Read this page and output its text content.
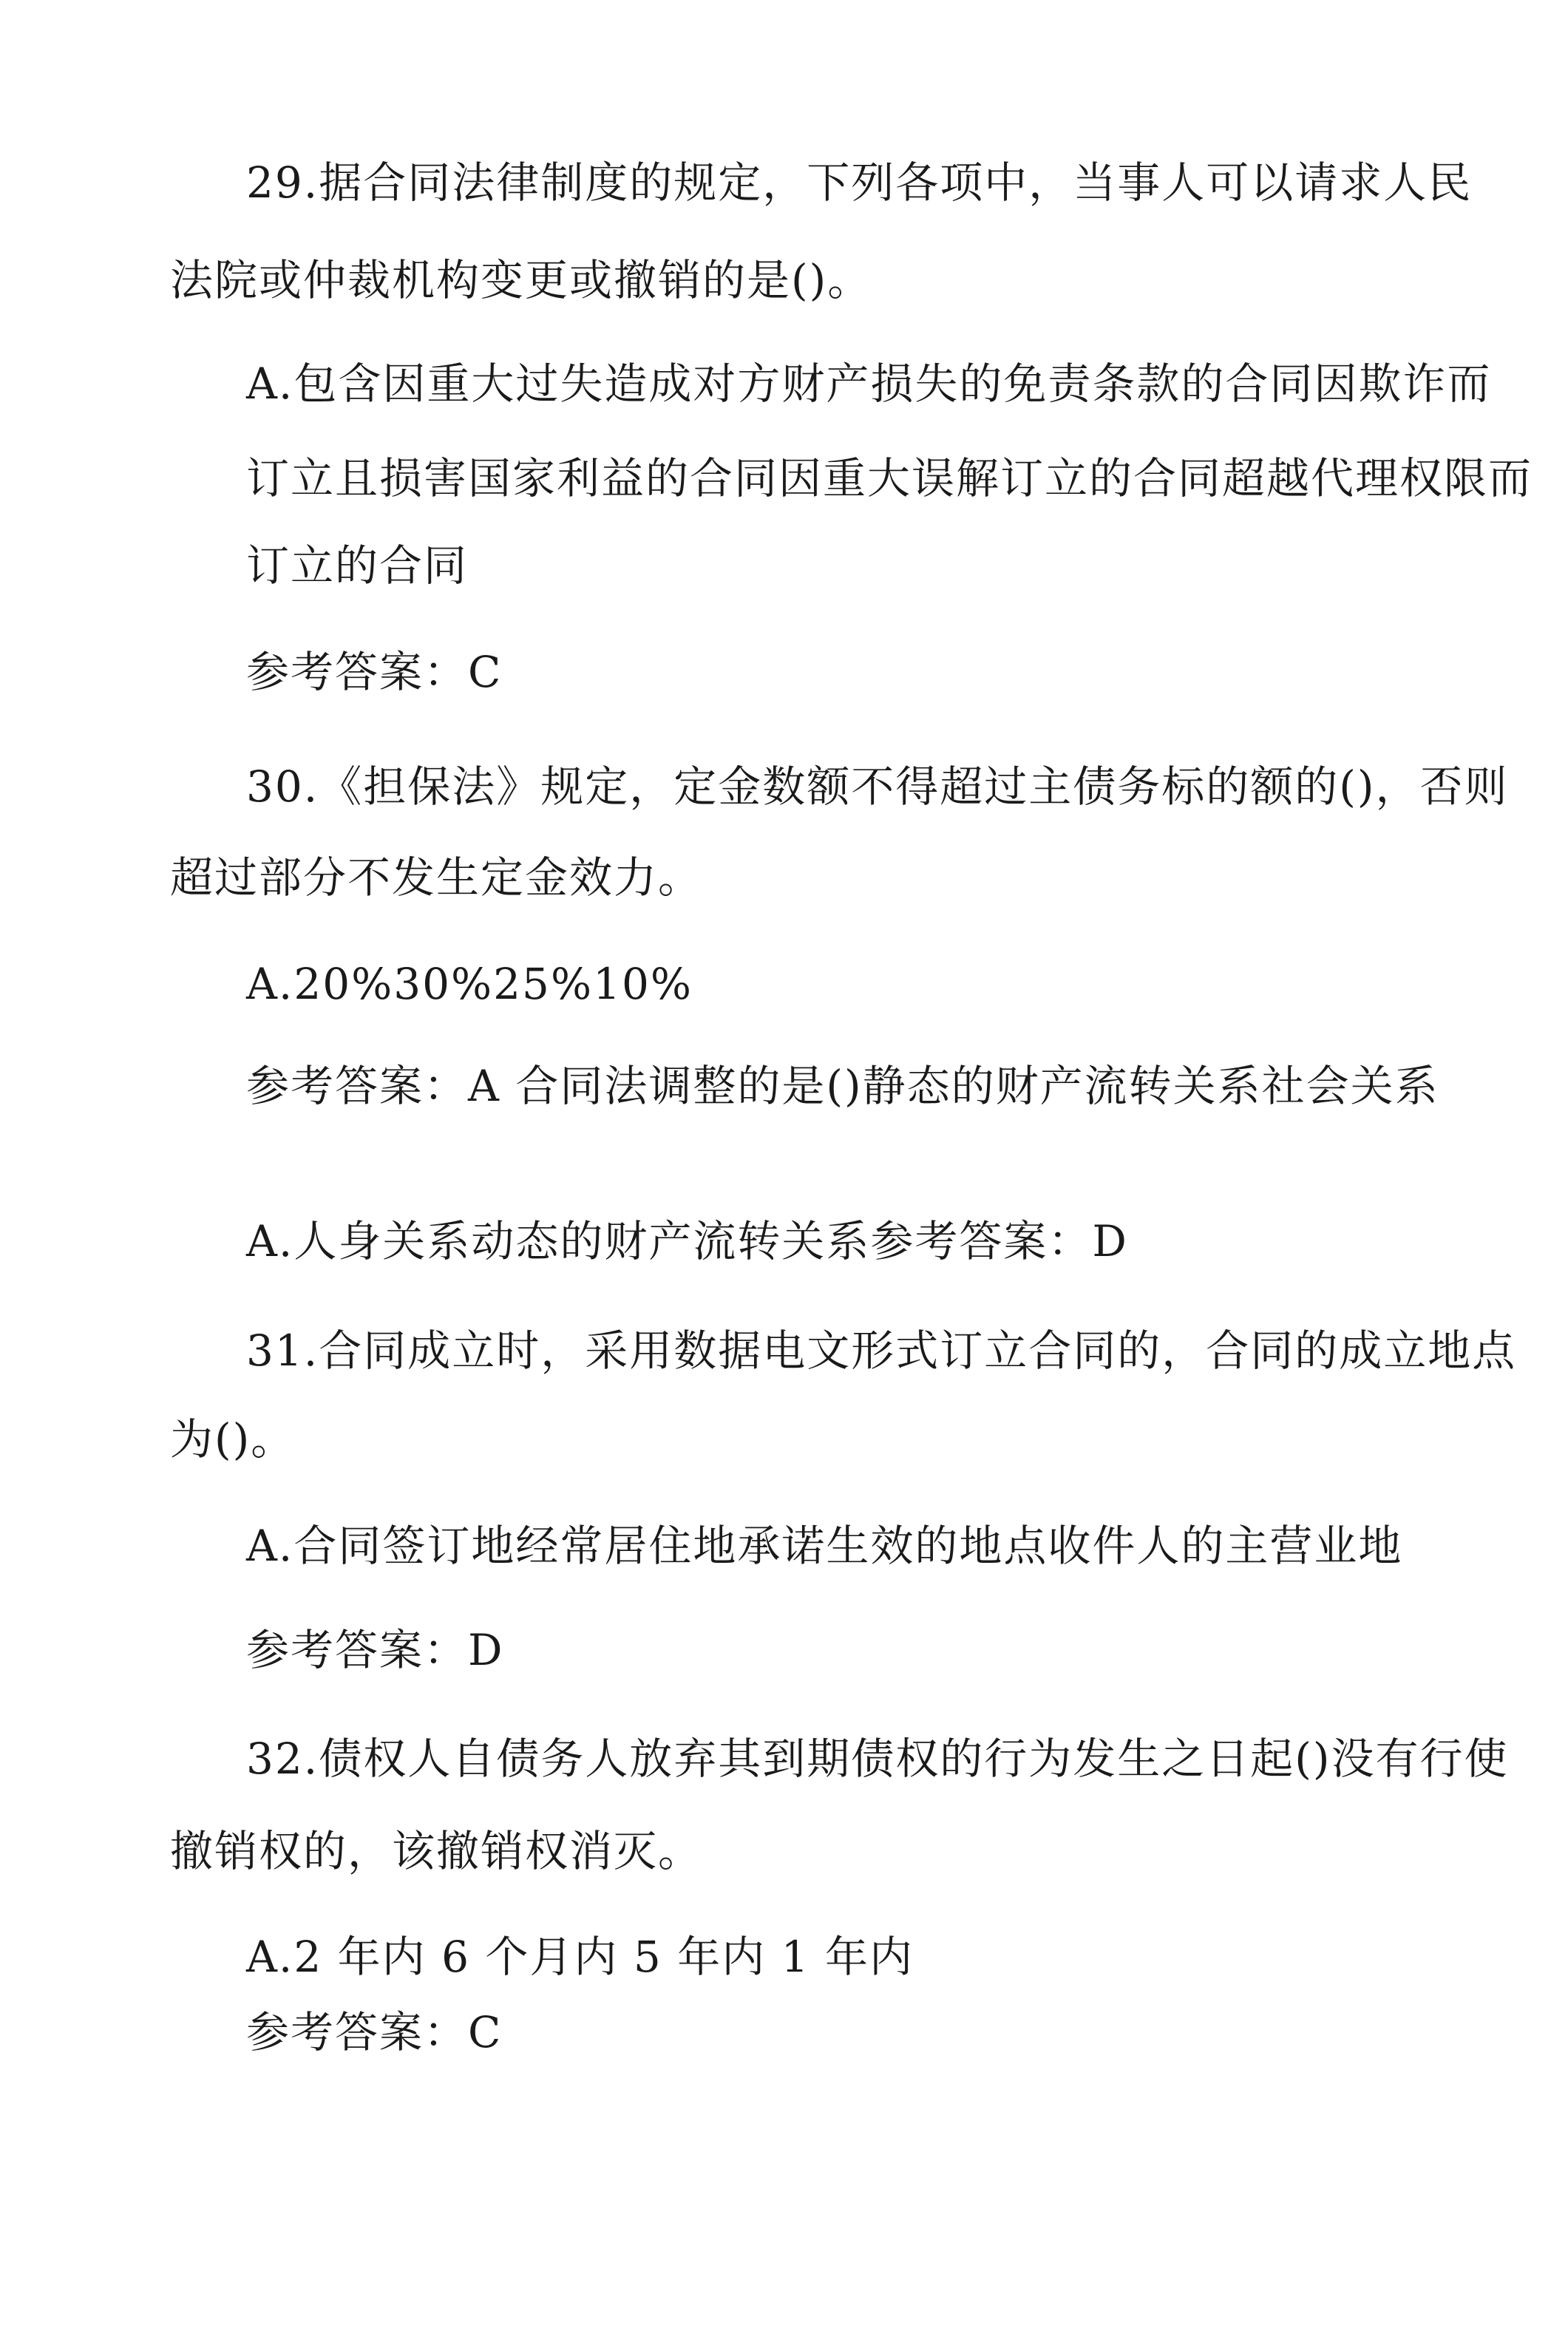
29.据合同法律制度的规定，下列各项中，当事人可以请求人民
法院或仲裁机构变更或撤销的是()。
A.包含因重大过失造成对方财产损失的免责条款的合同因欺诈而
订立且损害国家利益的合同因重大误解订立的合同超越代理权限而
订立的合同
参考答案：C
30. 《担保法》规定，定金数额不得超过主债务标的额的()，否 则
超过部分不发生定金效力。
A.20%30%25%10%
参考答案：A 合同法调整的是()静态的财产流转关系社会关系
A.人身关系动态的财产流转关系参考答案：D
31.合同成立时，采用数据电文形式订立合同的，合同的成立地 点
为()。
A.合同签订地经常居住地承诺生效的地点收件人的主营业地
参考答案：D
32.债权人自债务人放弃其到期债权的行为发生之日起()没有行 使
撤销权的，该撤销权消灭。
A.2 年内 6 个月内 5 年内 1 年内
参考答案：C
